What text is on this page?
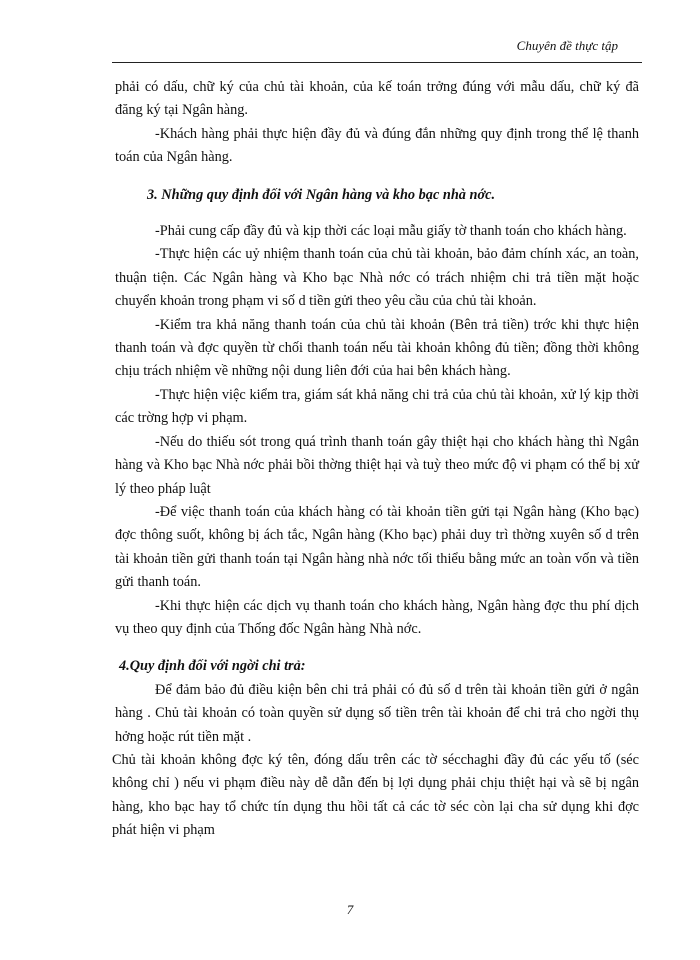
Chuyên đề thực tập

phải có dấu, chữ ký của chủ tài khoản, của kế toán trởng đúng với mẫu dấu, chữ ký đã đăng ký tại Ngân hàng.

-Khách hàng phải thực hiện đầy đủ và đúng đắn những quy định trong thể lệ thanh toán của Ngân hàng.

3. Những quy định đối với Ngân hàng và kho bạc nhà nớc.

-Phải cung cấp đầy đủ và kịp thời các loại mẫu giấy tờ thanh toán cho khách hàng.

-Thực hiện các uỷ nhiệm thanh toán của chủ tài khoản, bảo đảm chính xác, an toàn, thuận tiện. Các Ngân hàng và Kho bạc Nhà nớc có trách nhiệm chi trả tiền mặt hoặc chuyển khoản trong phạm vi số d tiền gửi theo yêu cầu của chủ tài khoản.

-Kiểm tra khả năng thanh toán của chủ tài khoản (Bên trả tiền) trớc khi thực hiện thanh toán và đợc quyền từ chối thanh toán nếu tài khoản không đủ tiền; đồng thời không chịu trách nhiệm về những nội dung liên đới của hai bên khách hàng.

-Thực hiện việc kiểm tra, giám sát khả năng chi trả của chủ tài khoản, xử lý kịp thời các trờng hợp vi phạm.

-Nếu do thiếu sót trong quá trình thanh toán gây thiệt hại cho khách hàng thì Ngân hàng và Kho bạc Nhà nớc phải bồi thờng thiệt hại và tuỳ theo mức độ vi phạm có thể bị xử lý theo pháp luật

-Để việc thanh toán của khách hàng có tài khoản tiền gửi tại Ngân hàng (Kho bạc) đợc thông suốt, không bị ách tắc, Ngân hàng (Kho bạc) phải duy trì thờng xuyên số d trên tài khoản tiền gửi thanh toán tại Ngân hàng nhà nớc tối thiểu bằng mức an toàn vốn và tiền gửi thanh toán.

-Khi thực hiện các dịch vụ thanh toán cho khách hàng, Ngân hàng đợc thu phí dịch vụ theo quy định của Thống đốc Ngân hàng Nhà nớc.

4.Quy định đối với ngời chi trả:

Để đảm bảo đủ điều kiện bên chi trả phải có đủ số d trên tài khoản tiền gửi ở ngân hàng . Chủ tài khoản có toàn quyền sử dụng số tiền trên tài khoản để chi trả cho ngời thụ hởng hoặc rút tiền mặt .

Chủ tài khoản không đợc ký tên, đóng dấu trên các tờ sécchaghi đầy đủ các yếu tố (séc không chỉ ) nếu vi phạm điều này dễ dẫn đến bị lợi dụng phải chịu thiệt hại và sẽ bị ngân hàng, kho bạc hay tổ chức tín dụng thu hồi tất cả các tờ séc còn lại cha sử dụng khi đợc phát hiện vi phạm

7
